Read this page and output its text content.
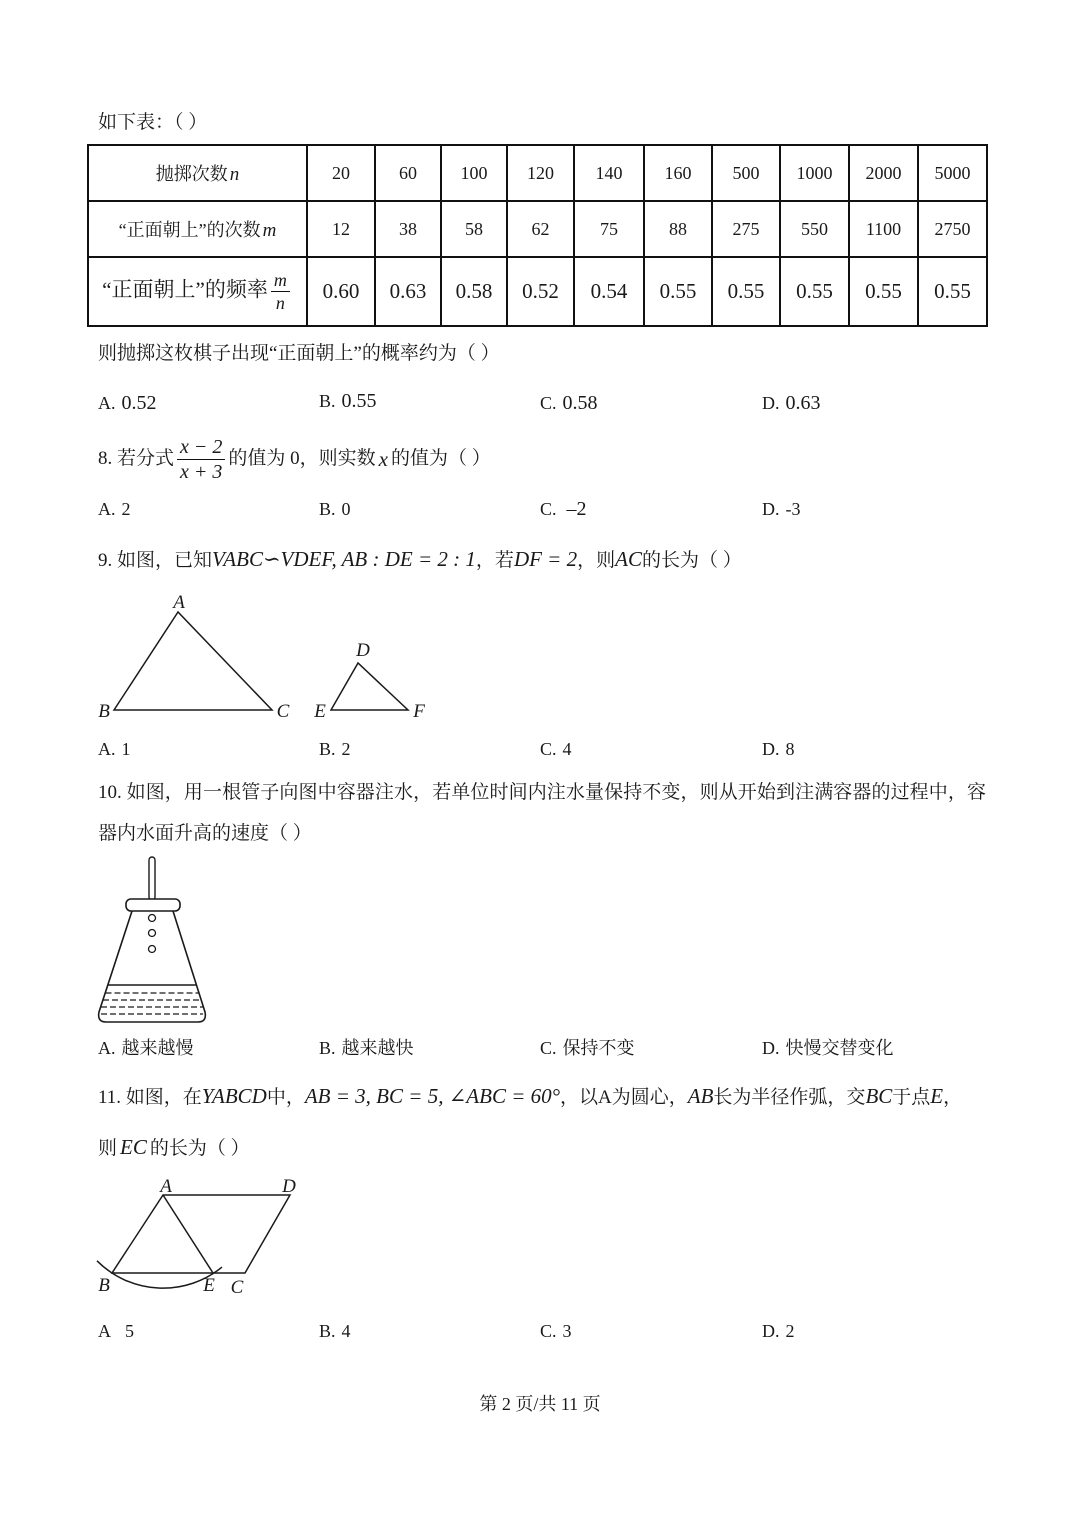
如下表：（ ）
抛掷次数 n	20	60	100	120	140	160	500	1000	2000	5000
“正面朝上”的次数 m	12	38	58	62	75	88	275	550	1100	2750
“正面朝上”的频率 $\frac{m}{n}$	0.60	0.63	0.58	0.52	0.54	0.55	0.55	0.55	0.55	0.55
则抛掷这枚棋子出现“正面朝上”的概率约为（ ）
A. 0.52	B. 0.55	C. 0.58	D. 0.63
8. 若分式 $\frac{x - 2}{x + 3}$ 的值为 0，则实数 x 的值为（ ）
A. 2	B. 0	C. –2	D. -3
9. 如图，已知VABC∽VDEF, AB : DE = 2 : 1，若DF = 2，则AC的长为（ ）
A
B	C
D
E	F
A. 1	B. 2	C. 4	D. 8
10. 如图，用一根管子向图中容器注水，若单位时间内注水量保持不变，则从开始到注满容器的过程中，容
器内水面升高的速度（ ）
A. 越来越慢	B. 越来越快	C. 保持不变	D. 快慢交替变化
11. 如图，在YABCD中，AB = 3, BC = 5, ∠ABC = 60°，以A为圆心，AB长为半径作弧，交BC于点E，
则 EC 的长为（ ）
A	D
B	E C
A 5	B. 4	C. 3	D. 2
第 2 页/共 11 页
